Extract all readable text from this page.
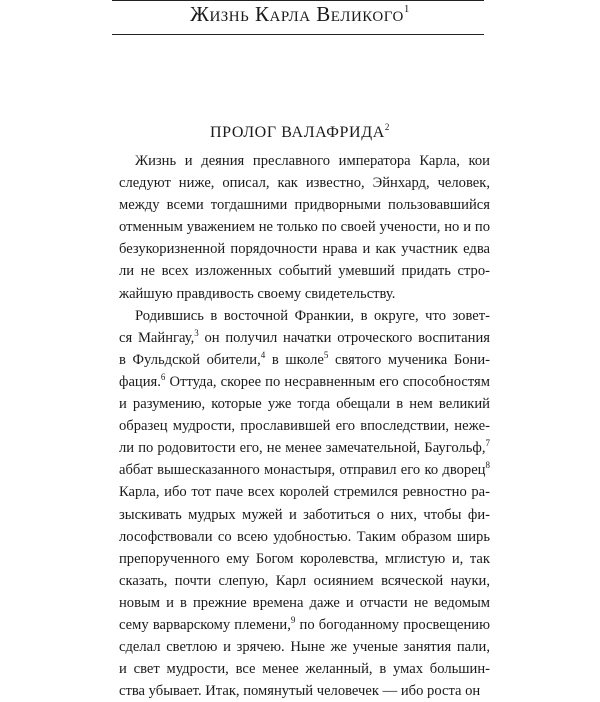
Жизнь Карла Великого$^1$
ПРОЛОГ ВАЛАФРИДА$^2$
Жизнь и деяния преславного императора Карла, кои
следуют ниже, описал, как известно, Эйнхард, человек,
между всеми тогдашними придворными пользовавшийся
отменным уважением не только по своей учености, но и по
безукоризненной порядочности нрава и как участник едва
ли не всех изложенных событий умевший придать стро-
жайшую правдивость своему свидетельству.
Родившись в восточной Франкии, в округе, что зовет-
ся Майнгау,$^3$ он получил начатки отроческого воспитания
в Фульдской обители,$^4$ в школе$^5$ святого мученика Бони-
фация.$^6$ Оттуда, скорее по несравненным его способностям
и разумению, которые уже тогда обещали в нем великий
образец мудрости, прославившей его впоследствии, нежe-
ли по родовитости его, не менее замечательной, Баугольф,$^7$
аббат вышесказанного монастыря, отправил его ко дворец$^8$
Карла, ибо тот паче всех королей стремился ревностно ра-
зыскивать мудрых мужей и заботиться о них, чтобы фи-
лософствовали со всею удобностью. Таким образом ширь
препорученного ему Богом королевства, мглистую и, так
сказать, почти слепую, Карл осиянием всяческой науки,
новым и в прежние времена даже и отчасти не ведомым
сему варварскому племени,$^9$ по богоданному просвещению
сделал светлою и зрячею. Ныне же ученые занятия пали,
и свет мудрости, все менее желанный, в умах большин-
ства убывает. Итак, помянутый человечек — ибо роста он
